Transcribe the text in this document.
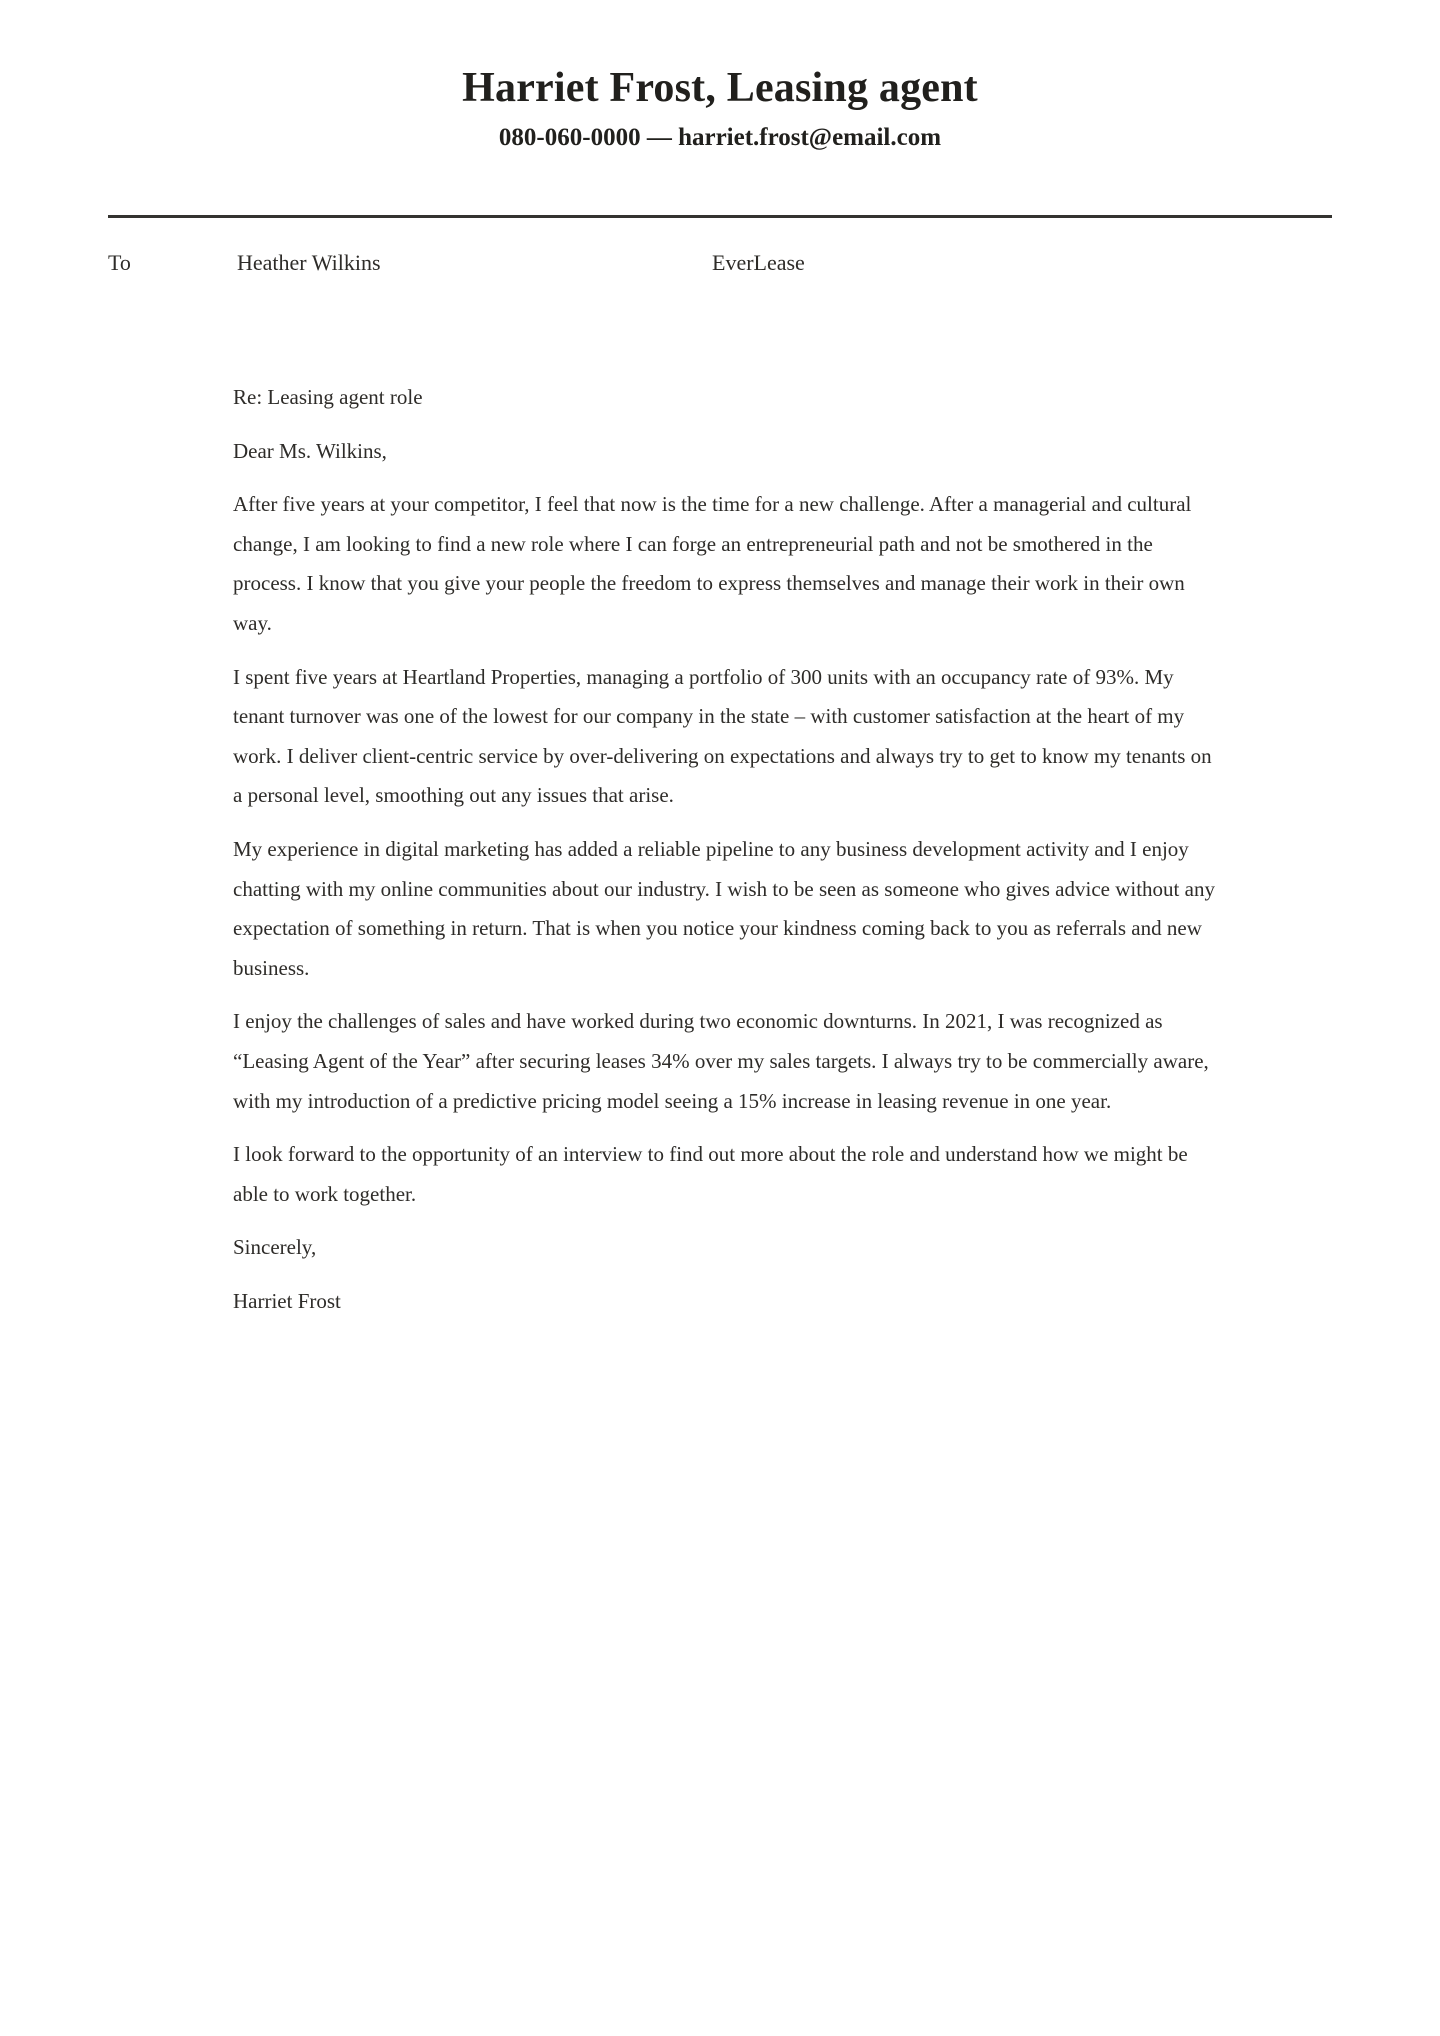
Harriet Frost, Leasing agent
080-060-0000 — harriet.frost@email.com
To	Heather Wilkins	EverLease

Re: Leasing agent role

Dear Ms. Wilkins,

After five years at your competitor, I feel that now is the time for a new challenge. After a managerial and cultural change, I am looking to find a new role where I can forge an entrepreneurial path and not be smothered in the process. I know that you give your people the freedom to express themselves and manage their work in their own way.

I spent five years at Heartland Properties, managing a portfolio of 300 units with an occupancy rate of 93%. My tenant turnover was one of the lowest for our company in the state – with customer satisfaction at the heart of my work. I deliver client-centric service by over-delivering on expectations and always try to get to know my tenants on a personal level, smoothing out any issues that arise.

My experience in digital marketing has added a reliable pipeline to any business development activity and I enjoy chatting with my online communities about our industry. I wish to be seen as someone who gives advice without any expectation of something in return. That is when you notice your kindness coming back to you as referrals and new business.

I enjoy the challenges of sales and have worked during two economic downturns. In 2021, I was recognized as “Leasing Agent of the Year” after securing leases 34% over my sales targets. I always try to be commercially aware, with my introduction of a predictive pricing model seeing a 15% increase in leasing revenue in one year.

I look forward to the opportunity of an interview to find out more about the role and understand how we might be able to work together.

Sincerely,

Harriet Frost
